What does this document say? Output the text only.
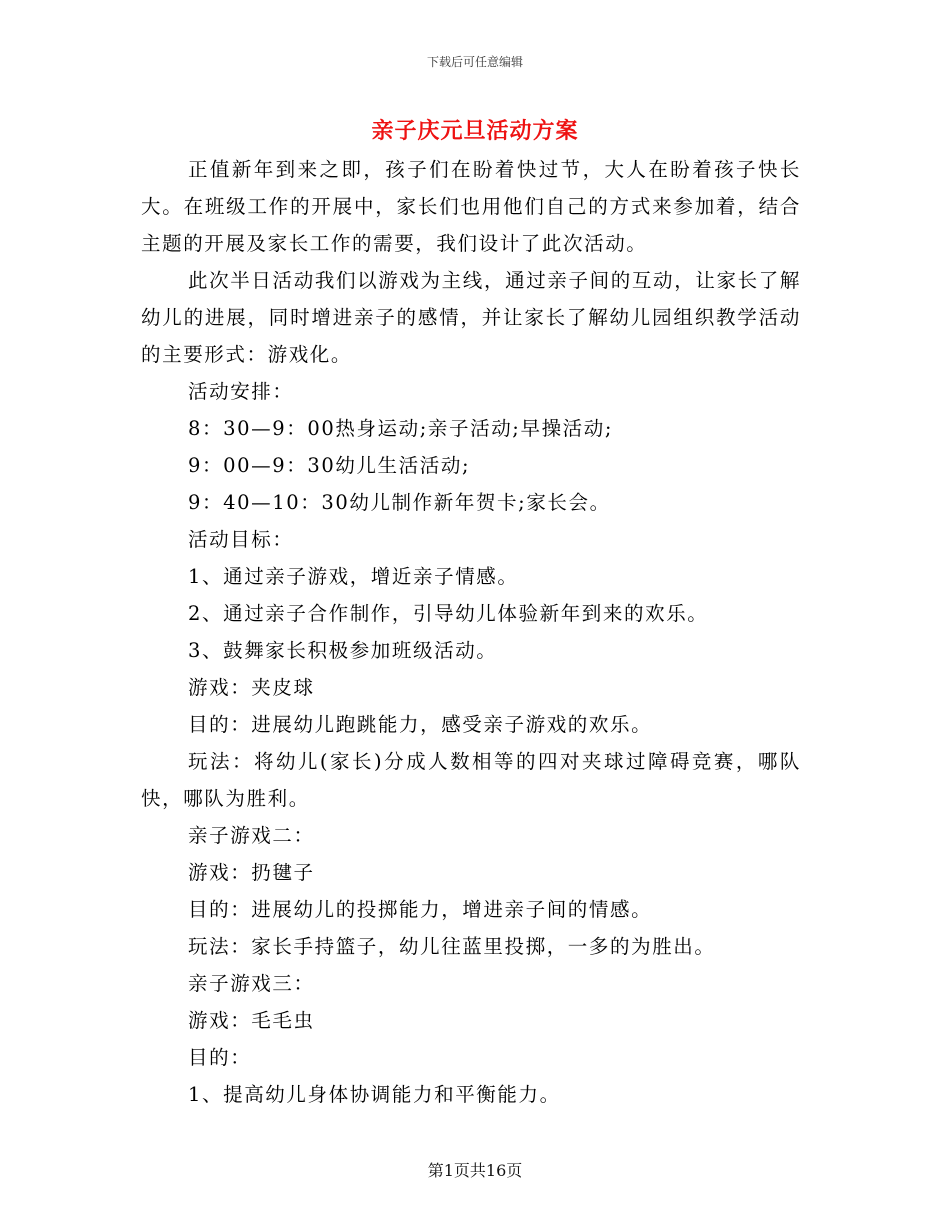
下载后可任意编辑
亲子庆元旦活动方案

正值新年到来之即，孩子们在盼着快过节，大人在盼着孩子快长大。在班级工作的开展中，家长们也用他们自己的方式来参加着，结合主题的开展及家长工作的需要，我们设计了此次活动。

此次半日活动我们以游戏为主线，通过亲子间的互动，让家长了解幼儿的进展，同时增进亲子的感情，并让家长了解幼儿园组织教学活动的主要形式：游戏化。

活动安排：

8：30—9：00热身运动;亲子活动;早操活动;

9：00—9：30幼儿生活活动;

9：40—10：30幼儿制作新年贺卡;家长会。

活动目标：

1、通过亲子游戏，增近亲子情感。

2、通过亲子合作制作，引导幼儿体验新年到来的欢乐。

3、鼓舞家长积极参加班级活动。

游戏：夹皮球

目的：进展幼儿跑跳能力，感受亲子游戏的欢乐。

玩法：将幼儿(家长)分成人数相等的四对夹球过障碍竞赛，哪队快，哪队为胜利。

亲子游戏二：

游戏：扔毽子

目的：进展幼儿的投掷能力，增进亲子间的情感。

玩法：家长手持篮子，幼儿往蓝里投掷，一多的为胜出。

亲子游戏三：

游戏：毛毛虫

目的：

1、提高幼儿身体协调能力和平衡能力。

第1页共16页
